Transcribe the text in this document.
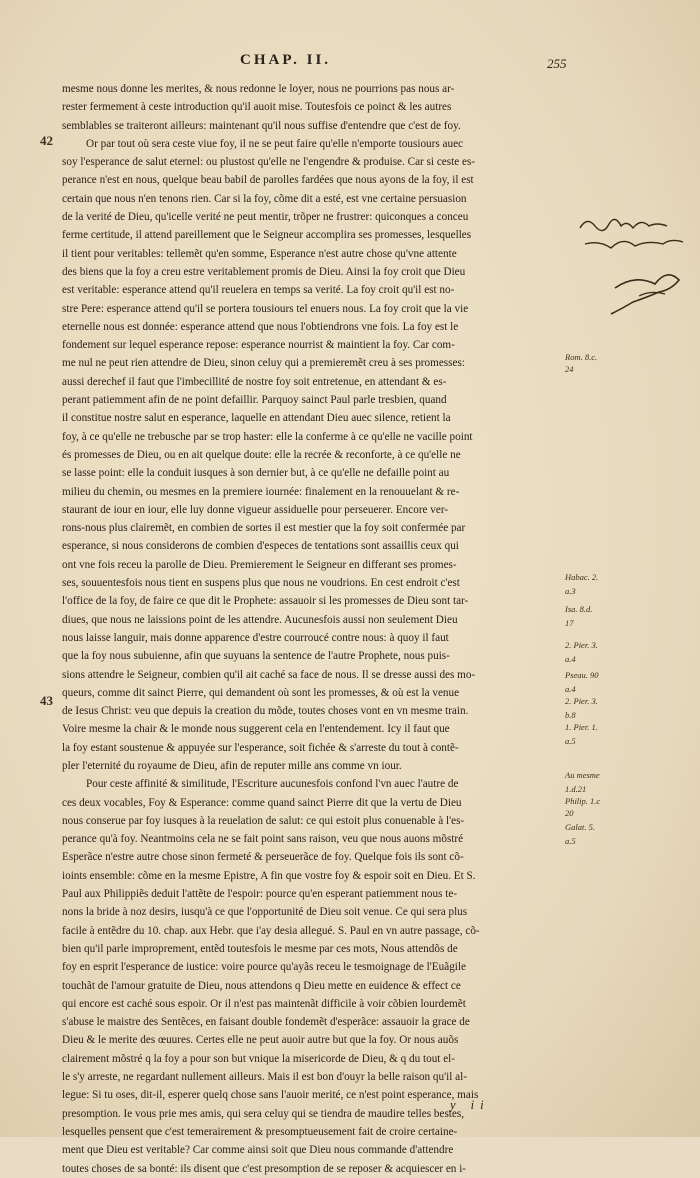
CHAP. II.	255
42
43
mesme nous donne les merites, & nous redonne le loyer, nous ne pourrions pas nous ar-
rester fermement à ceste introduction qu'il auoit mise. Toutesfois ce poinct & les autres
semblables se traiteront ailleurs: maintenant qu'il nous suffise d'entendre que c'est de foy.
Or par tout où sera ceste viue foy, il ne se peut faire qu'elle n'emporte tousiours auec
soy l'esperance de salut eternel: ou plustost qu'elle ne l'engendre & produise. Car si ceste es-
perance n'est en nous, quelque beau babil de parolles fardées que nous ayons de la foy, il est
certain que nous n'en tenons rien. Car si la foy, cõme dit a esté, est vne certaine persuasion
de la verité de Dieu, qu'icelle verité ne peut mentir, trõper ne frustrer: quiconques a conceu
ferme certitude, il attend pareillement que le Seigneur accomplira ses promesses, lesquelles
il tient pour veritables: tellemẽt qu'en somme, Esperance n'est autre chose qu'vne attente
des biens que la foy a creu estre veritablement promis de Dieu. Ainsi la foy croit que Dieu
est veritable: esperance attend qu'il reuelera en temps sa verité. La foy croit qu'il est no-
stre Pere: esperance attend qu'il se portera tousiours tel enuers nous. La foy croit que la vie
eternelle nous est donnée: esperance attend que nous l'obtiendrons vne fois. La foy est le
fondement sur lequel esperance repose: esperance nourrist & maintient la foy. Car com-
me nul ne peut rien attendre de Dieu, sinon celuy qui a premieremẽt creu à ses promesses:
aussi derechef il faut que l'imbecillité de nostre foy soit entretenue, en attendant & es-
perant patiemment afin de ne point defaillir. Parquoy sainct Paul parle tresbien, quand
il constitue nostre salut en esperance, laquelle en attendant Dieu auec silence, retient la
foy, à ce qu'elle ne trebusche par se trop haster: elle la conferme à ce qu'elle ne vacille point
és promesses de Dieu, ou en ait quelque doute: elle la recrée & reconforte, à ce qu'elle ne
se lasse point: elle la conduit iusques à son dernier but, à ce qu'elle ne defaille point au
milieu du chemin, ou mesmes en la premiere iournée: finalement en la renouuelant & re-
staurant de iour en iour, elle luy donne vigueur assiduelle pour perseuerer. Encore ver-
rons-nous plus clairemẽt, en combien de sortes il est mestier que la foy soit confermée par
esperance, si nous considerons de combien d'especes de tentations sont assaillis ceux qui
ont vne fois receu la parolle de Dieu. Premierement le Seigneur en differant ses promes-
ses, souuentesfois nous tient en suspens plus que nous ne voudrions. En cest endroit c'est
l'office de la foy, de faire ce que dit le Prophete: assauoir si les promesses de Dieu sont tar-
diues, que nous ne laissions point de les attendre. Aucunesfois aussi non seulement Dieu
nous laisse languir, mais donne apparence d'estre courroucé contre nous: à quoy il faut
que la foy nous subuienne, afin que suyuans la sentence de l'autre Prophete, nous puis-
sions attendre le Seigneur, combien qu'il ait caché sa face de nous. Il se dresse aussi des mo-
queurs, comme dit sainct Pierre, qui demandent où sont les promesses, & où est la venue
de Iesus Christ: veu que depuis la creation du mõde, toutes choses vont en vn mesme train.
Voire mesme la chair & le monde nous suggerent cela en l'entendement. Icy il faut que
la foy estant soustenue & appuyée sur l'esperance, soit fichée & s'arreste du tout à contẽ-
pler l'eternité du royaume de Dieu, afin de reputer mille ans comme vn iour.
Pour ceste affinité & similitude, l'Escriture aucunesfois confond l'vn auec l'autre de
ces deux vocables, Foy & Esperance: comme quand sainct Pierre dit que la vertu de Dieu
nous conserue par foy iusques à la reuelation de salut: ce qui estoit plus conuenable à l'es-
perance qu'à foy. Neantmoins cela ne se fait point sans raison, veu que nous auons mõstré
Esperãce n'estre autre chose sinon fermeté & perseuerãce de foy. Quelque fois ils sont cõ-
ioints ensemble: cõme en la mesme Epistre, A fin que vostre foy & espoir soit en Dieu. Et S.
Paul aux Philippiẽs deduit l'attẽte de l'espoir: pource qu'en esperant patiemment nous te-
nons la bride à noz desirs, iusqu'à ce que l'opportunité de Dieu soit venue. Ce qui sera plus
facile à entẽdre du 10. chap. aux Hebr. que i'ay desia allegué. S. Paul en vn autre passage, cõ-
bien qu'il parle improprement, entẽd toutesfois le mesme par ces mots, Nous attendõs de
foy en esprit l'esperance de iustice: voire pource qu'ayãs receu le tesmoignage de l'Euãgile
touchãt de l'amour gratuite de Dieu, nous attendons q Dieu mette en euidence & effect ce
qui encore est caché sous espoir. Or il n'est pas maintenãt difficile à voir cõbien lourdemẽt
s'abuse le maistre des Sentẽces, en faisant double fondemẽt d'esperãce: assauoir la grace de
Dieu & le merite des œuures. Certes elle ne peut auoir autre but que la foy. Or nous auõs
clairement mõstré q la foy a pour son but vnique la misericorde de Dieu, & q du tout el-
le s'y arreste, ne regardant nullement ailleurs. Mais il est bon d'ouyr la belle raison qu'il al-
legue: Si tu oses, dit-il, esperer quelq chose sans l'auoir merité, ce n'est point esperance, mais
presomption. Ie vous prie mes amis, qui sera celuy qui se tiendra de maudire telles bestes,
lesquelles pensent que c'est temerairement & presomptueusement fait de croire certaine-
ment que Dieu est veritable? Car comme ainsi soit que Dieu nous commande d'attendre
toutes choses de sa bonté: ils disent que c'est presomption de se reposer & acquiescer en i-
Rom. 8.c.
24
Habac. 2.
a.3
Isa. 8.d.
17
2. Pier. 3.
a.4
Pseau. 90
a.4
2. Pier. 3.
b.8
1. Pier. 1.
a.5
Au mesme
1.d.21
Philip. 1.c
20
Galat. 5.
a.5
y ii
